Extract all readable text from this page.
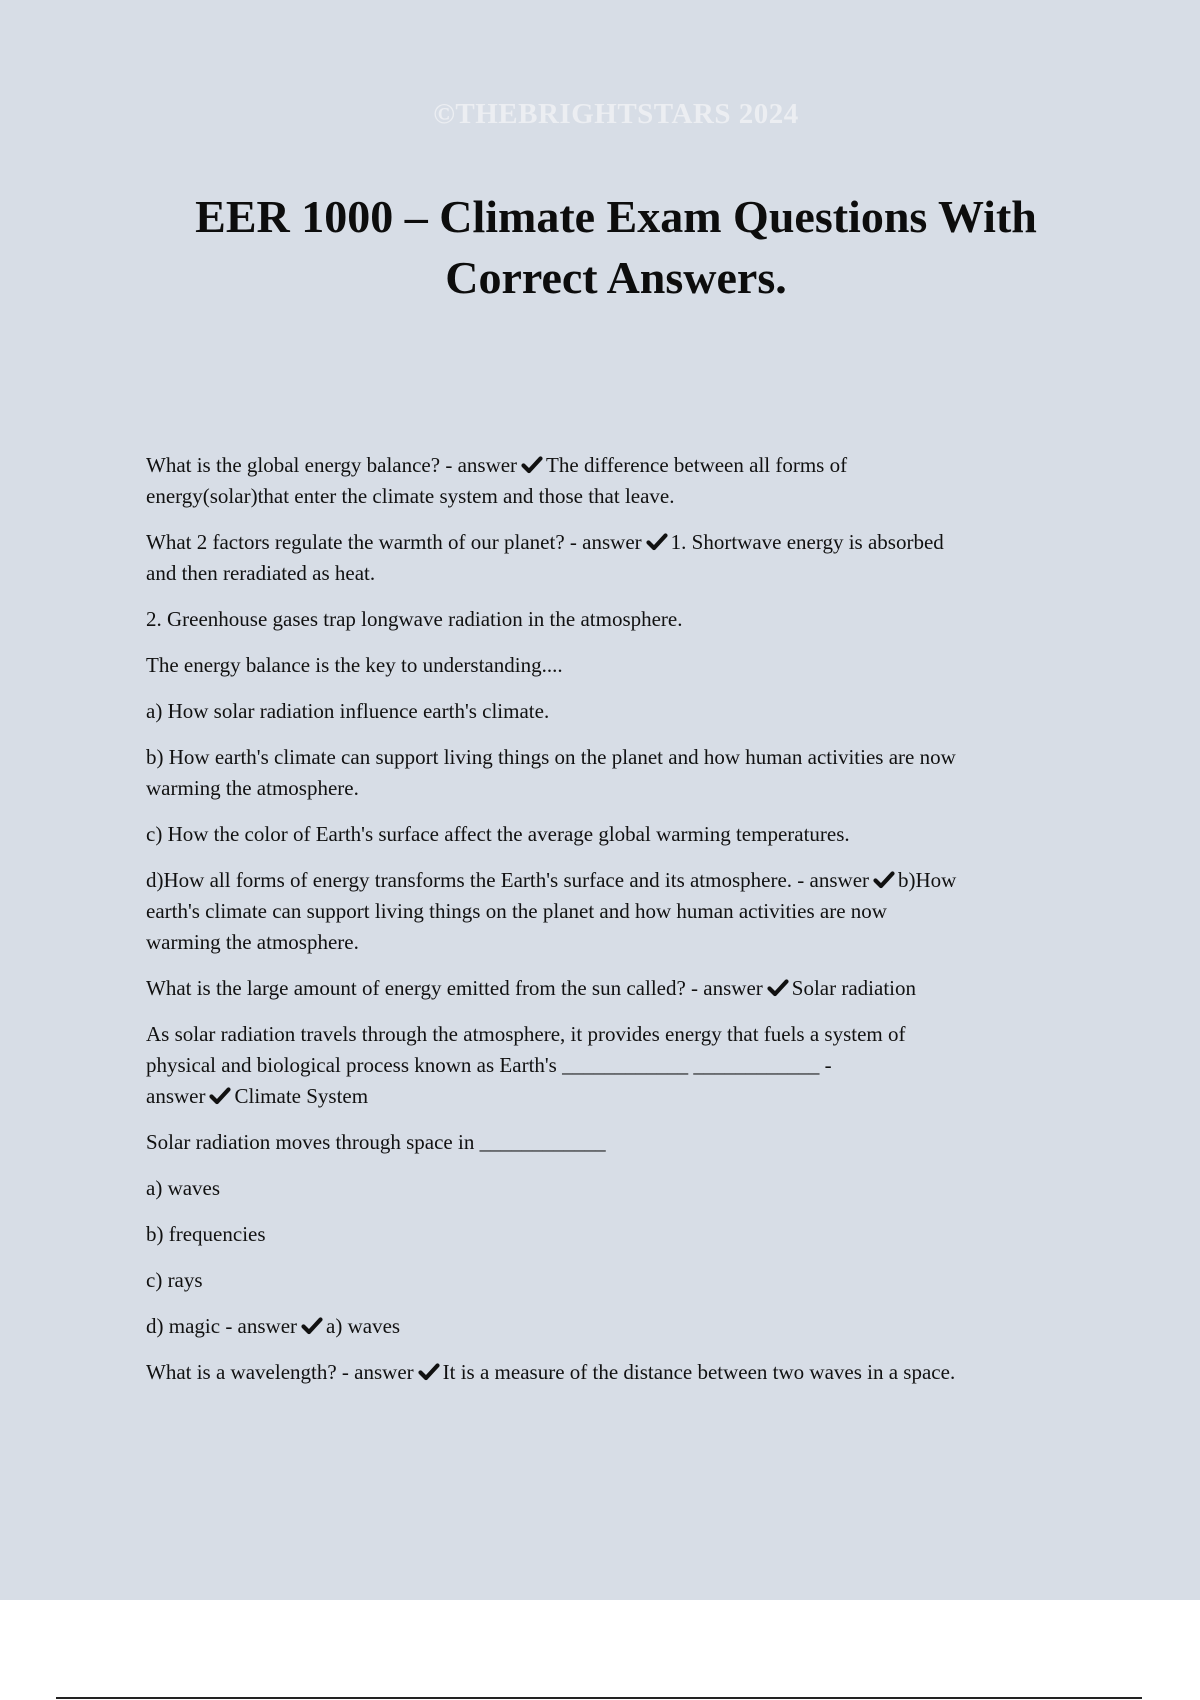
©THEBRIGHTSTARS 2024
EER 1000 – Climate Exam Questions With
Correct Answers.

What is the global energy balance? - answer The difference between all forms of
energy(solar)that enter the climate system and those that leave.

What 2 factors regulate the warmth of our planet? - answer 1. Shortwave energy is absorbed
and then reradiated as heat.

2. Greenhouse gases trap longwave radiation in the atmosphere.

The energy balance is the key to understanding....

a) How solar radiation influence earth's climate.

b) How earth's climate can support living things on the planet and how human activities are now
warming the atmosphere.

c) How the color of Earth's surface affect the average global warming temperatures.

d)How all forms of energy transforms the Earth's surface and its atmosphere. - answer b)How
earth's climate can support living things on the planet and how human activities are now
warming the atmosphere.

What is the large amount of energy emitted from the sun called? - answer Solar radiation

As solar radiation travels through the atmosphere, it provides energy that fuels a system of
physical and biological process known as Earth's ____________ ____________ -
answer Climate System

Solar radiation moves through space in ____________

a) waves

b) frequencies

c) rays

d) magic - answer a) waves

What is a wavelength? - answer It is a measure of the distance between two waves in a space.
